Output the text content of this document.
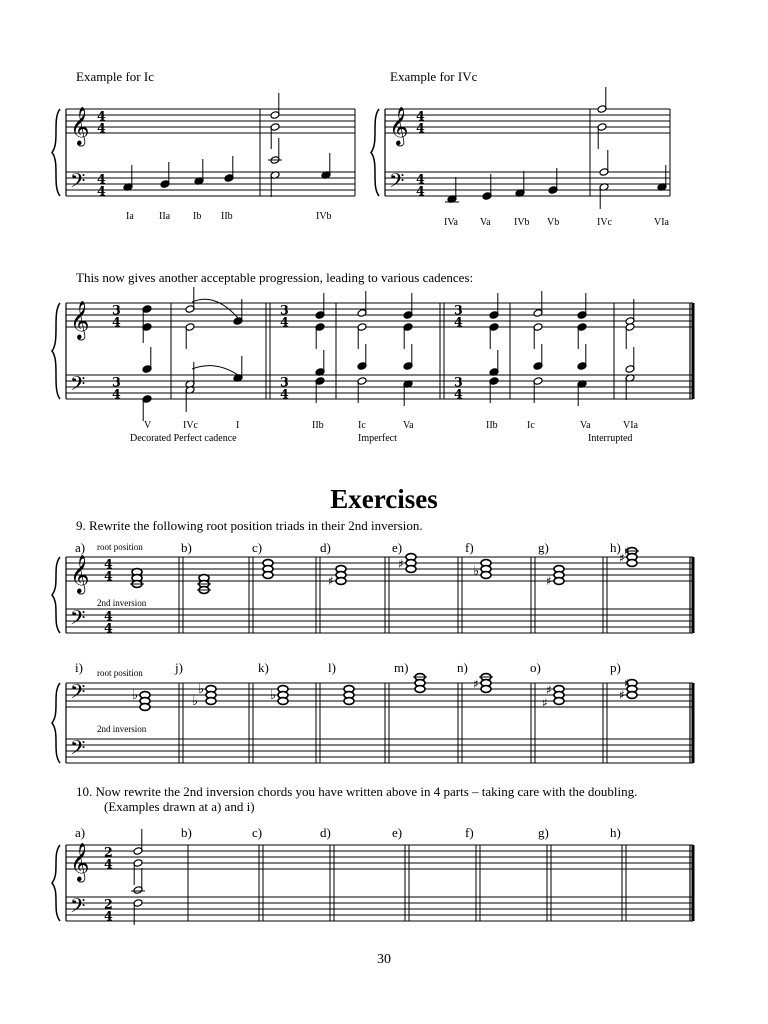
Example for Ic	Example for IVc
Ia	IIa Ib IIb	IVb
IVa Va IVb Vb	IVc	VIa
This now gives another acceptable progression, leading to various cadences:
V	IVc	I	IIb	Ic	Va	IIb	Ic	Va	VIa
Decorated Perfect cadence	Imperfect	Interrupted
Exercises
9. Rewrite the following root position triads in their 2nd inversion.
a)	b)	c)	d)	e)	f)	g)	h)
root position
2nd inversion
i)	j)	k)	l)	m)	n)	o)	p)
root position
2nd inversion
10. Now rewrite the 2nd inversion chords you have written above in 4 parts – taking care with the doubling.
(Examples drawn at a) and i)
a)	b)	c)	d)	e)	f)	g)	h)
30
𝄞
𝄢
4
4
4
4
𝄞
𝄢
4
4
4
4
𝄞
𝄢
3
4
3
4
3
4
3
4
3
4
3
4
𝄞
𝄢
4
4
4
4
♯
♯	♭
♯
♯ ♯
𝄢
𝄢
♭	♭
♭	♭
♯
♯
♯	♯
♯
𝄞
𝄢
2
4
2
4
